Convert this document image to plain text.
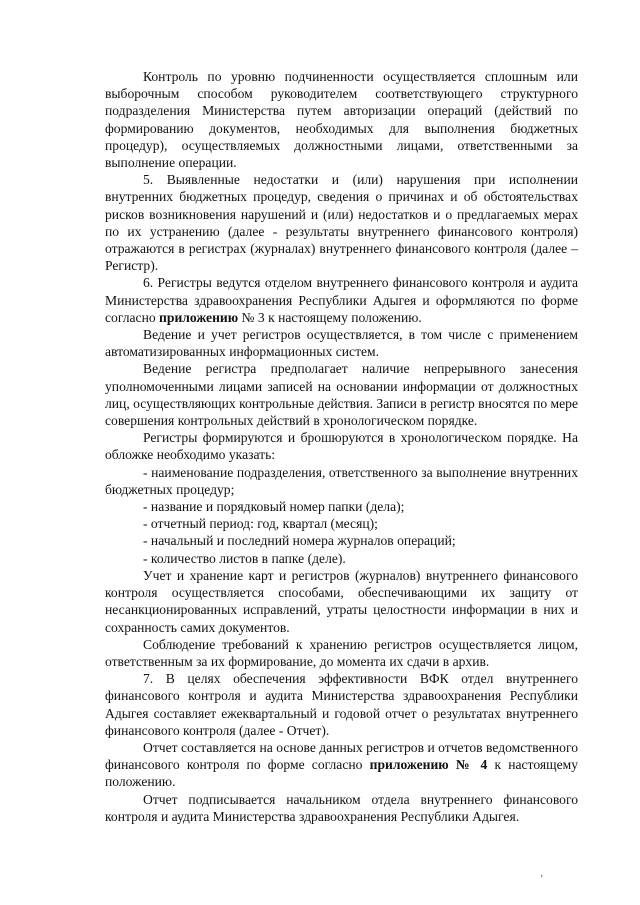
Контроль по уровню подчиненности осуществляется сплошным или выборочным способом руководителем соответствующего структурного подразделения Министерства путем авторизации операций (действий по формированию документов, необходимых для выполнения бюджетных процедур), осуществляемых должностными лицами, ответственными за выполнение операции.

5. Выявленные недостатки и (или) нарушения при исполнении внутренних бюджетных процедур, сведения о причинах и об обстоятельствах рисков возникновения нарушений и (или) недостатков и о предлагаемых мерах по их устранению (далее - результаты внутреннего финансового контроля) отражаются в регистрах (журналах) внутреннего финансового контроля (далее – Регистр).

6. Регистры ведутся отделом внутреннего финансового контроля и аудита Министерства здравоохранения Республики Адыгея и оформляются по форме согласно приложению № 3 к настоящему положению.

Ведение и учет регистров осуществляется, в том числе с применением автоматизированных информационных систем.

Ведение регистра предполагает наличие непрерывного занесения уполномоченными лицами записей на основании информации от должностных лиц, осуществляющих контрольные действия. Записи в регистр вносятся по мере совершения контрольных действий в хронологическом порядке.

Регистры формируются и брошюруются в хронологическом порядке. На обложке необходимо указать:

- наименование подразделения, ответственного за выполнение внутренних бюджетных процедур;

- название и порядковый номер папки (дела);

- отчетный период: год, квартал (месяц);

- начальный и последний номера журналов операций;

- количество листов в папке (деле).

Учет и хранение карт и регистров (журналов) внутреннего финансового контроля осуществляется способами, обеспечивающими их защиту от несанкционированных исправлений, утраты целостности информации в них и сохранность самих документов.

Соблюдение требований к хранению регистров осуществляется лицом, ответственным за их формирование, до момента их сдачи в архив.

7. В целях обеспечения эффективности ВФК отдел внутреннего финансового контроля и аудита Министерства здравоохранения Республики Адыгея составляет ежеквартальный и годовой отчет о результатах внутреннего финансового контроля (далее - Отчет).

Отчет составляется на основе данных регистров и отчетов ведомственного финансового контроля по форме согласно приложению № 4 к настоящему положению.

Отчет подписывается начальником отдела внутреннего финансового контроля и аудита Министерства здравоохранения Республики Адыгея.

‚
